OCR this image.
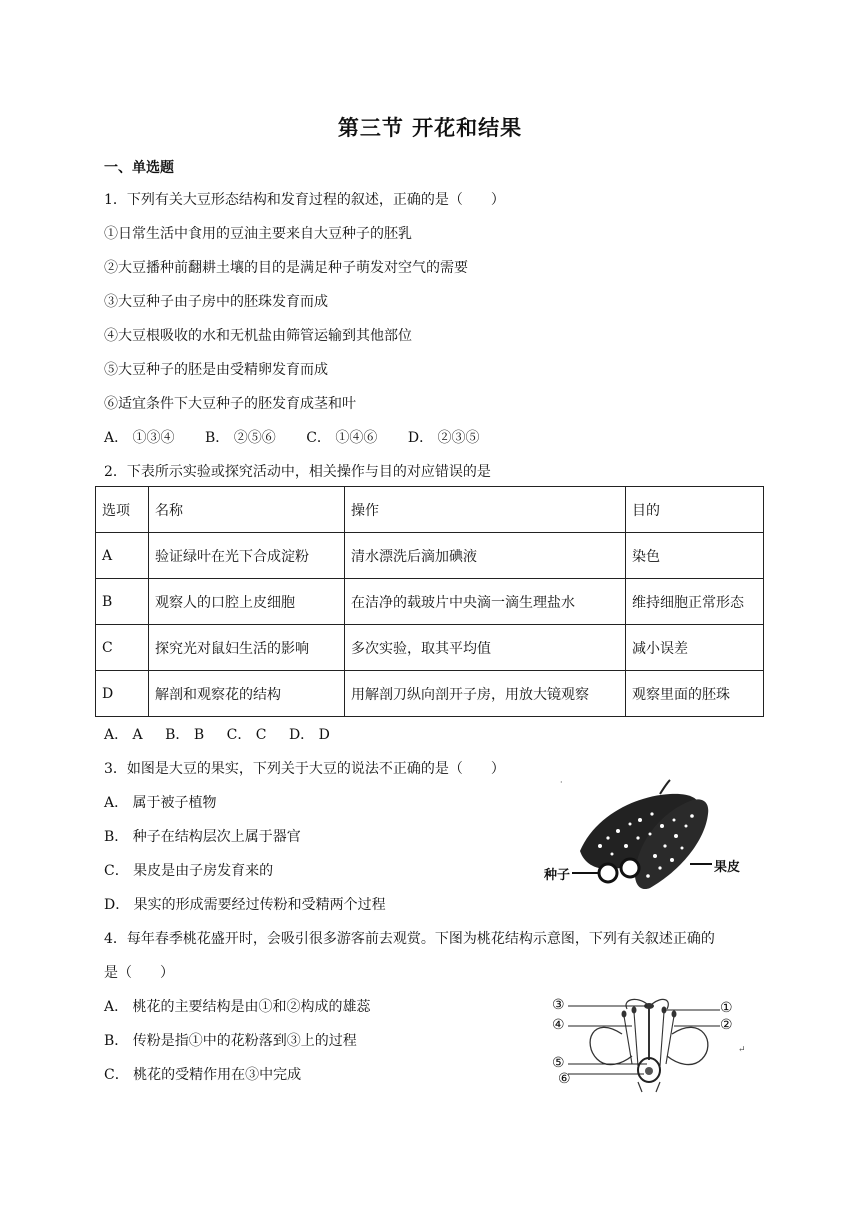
第三节 开花和结果
一、单选题
1．下列有关大豆形态结构和发育过程的叙述，正确的是（　　）
①日常生活中食用的豆油主要来自大豆种子的胚乳
②大豆播种前翻耕土壤的目的是满足种子萌发对空气的需要
③大豆种子由子房中的胚珠发育而成
④大豆根吸收的水和无机盐由筛管运输到其他部位
⑤大豆种子的胚是由受精卵发育而成
⑥适宜条件下大豆种子的胚发育成茎和叶
A． ①③④ B． ②⑤⑥ C． ①④⑥ D． ②③⑤
2．下表所示实验或探究活动中，相关操作与目的对应错误的是
选项	名称	操作	目的
A	验证绿叶在光下合成淀粉	清水漂洗后滴加碘液	染色
B	观察人的口腔上皮细胞	在洁净的载玻片中央滴一滴生理盐水	维持细胞正常形态
C	探究光对鼠妇生活的影响	多次实验，取其平均值	减小误差
D	解剖和观察花的结构	用解剖刀纵向剖开子房，用放大镜观察	观察里面的胚珠
A． A B． B C． C D． D
3．如图是大豆的果实，下列关于大豆的说法不正确的是（　　）
A． 属于被子植物
B． 种子在结构层次上属于器官
C． 果皮是由子房发育来的
D． 果实的形成需要经过传粉和受精两个过程
·
种子
果皮
4．每年春季桃花盛开时，会吸引很多游客前去观赏。下图为桃花结构示意图，下列有关叙述正确的
是（　　）
A． 桃花的主要结构是由①和②构成的雄蕊
B． 传粉是指①中的花粉落到③上的过程
C． 桃花的受精作用在③中完成
↵
③
④
⑤
⑥
①
②
